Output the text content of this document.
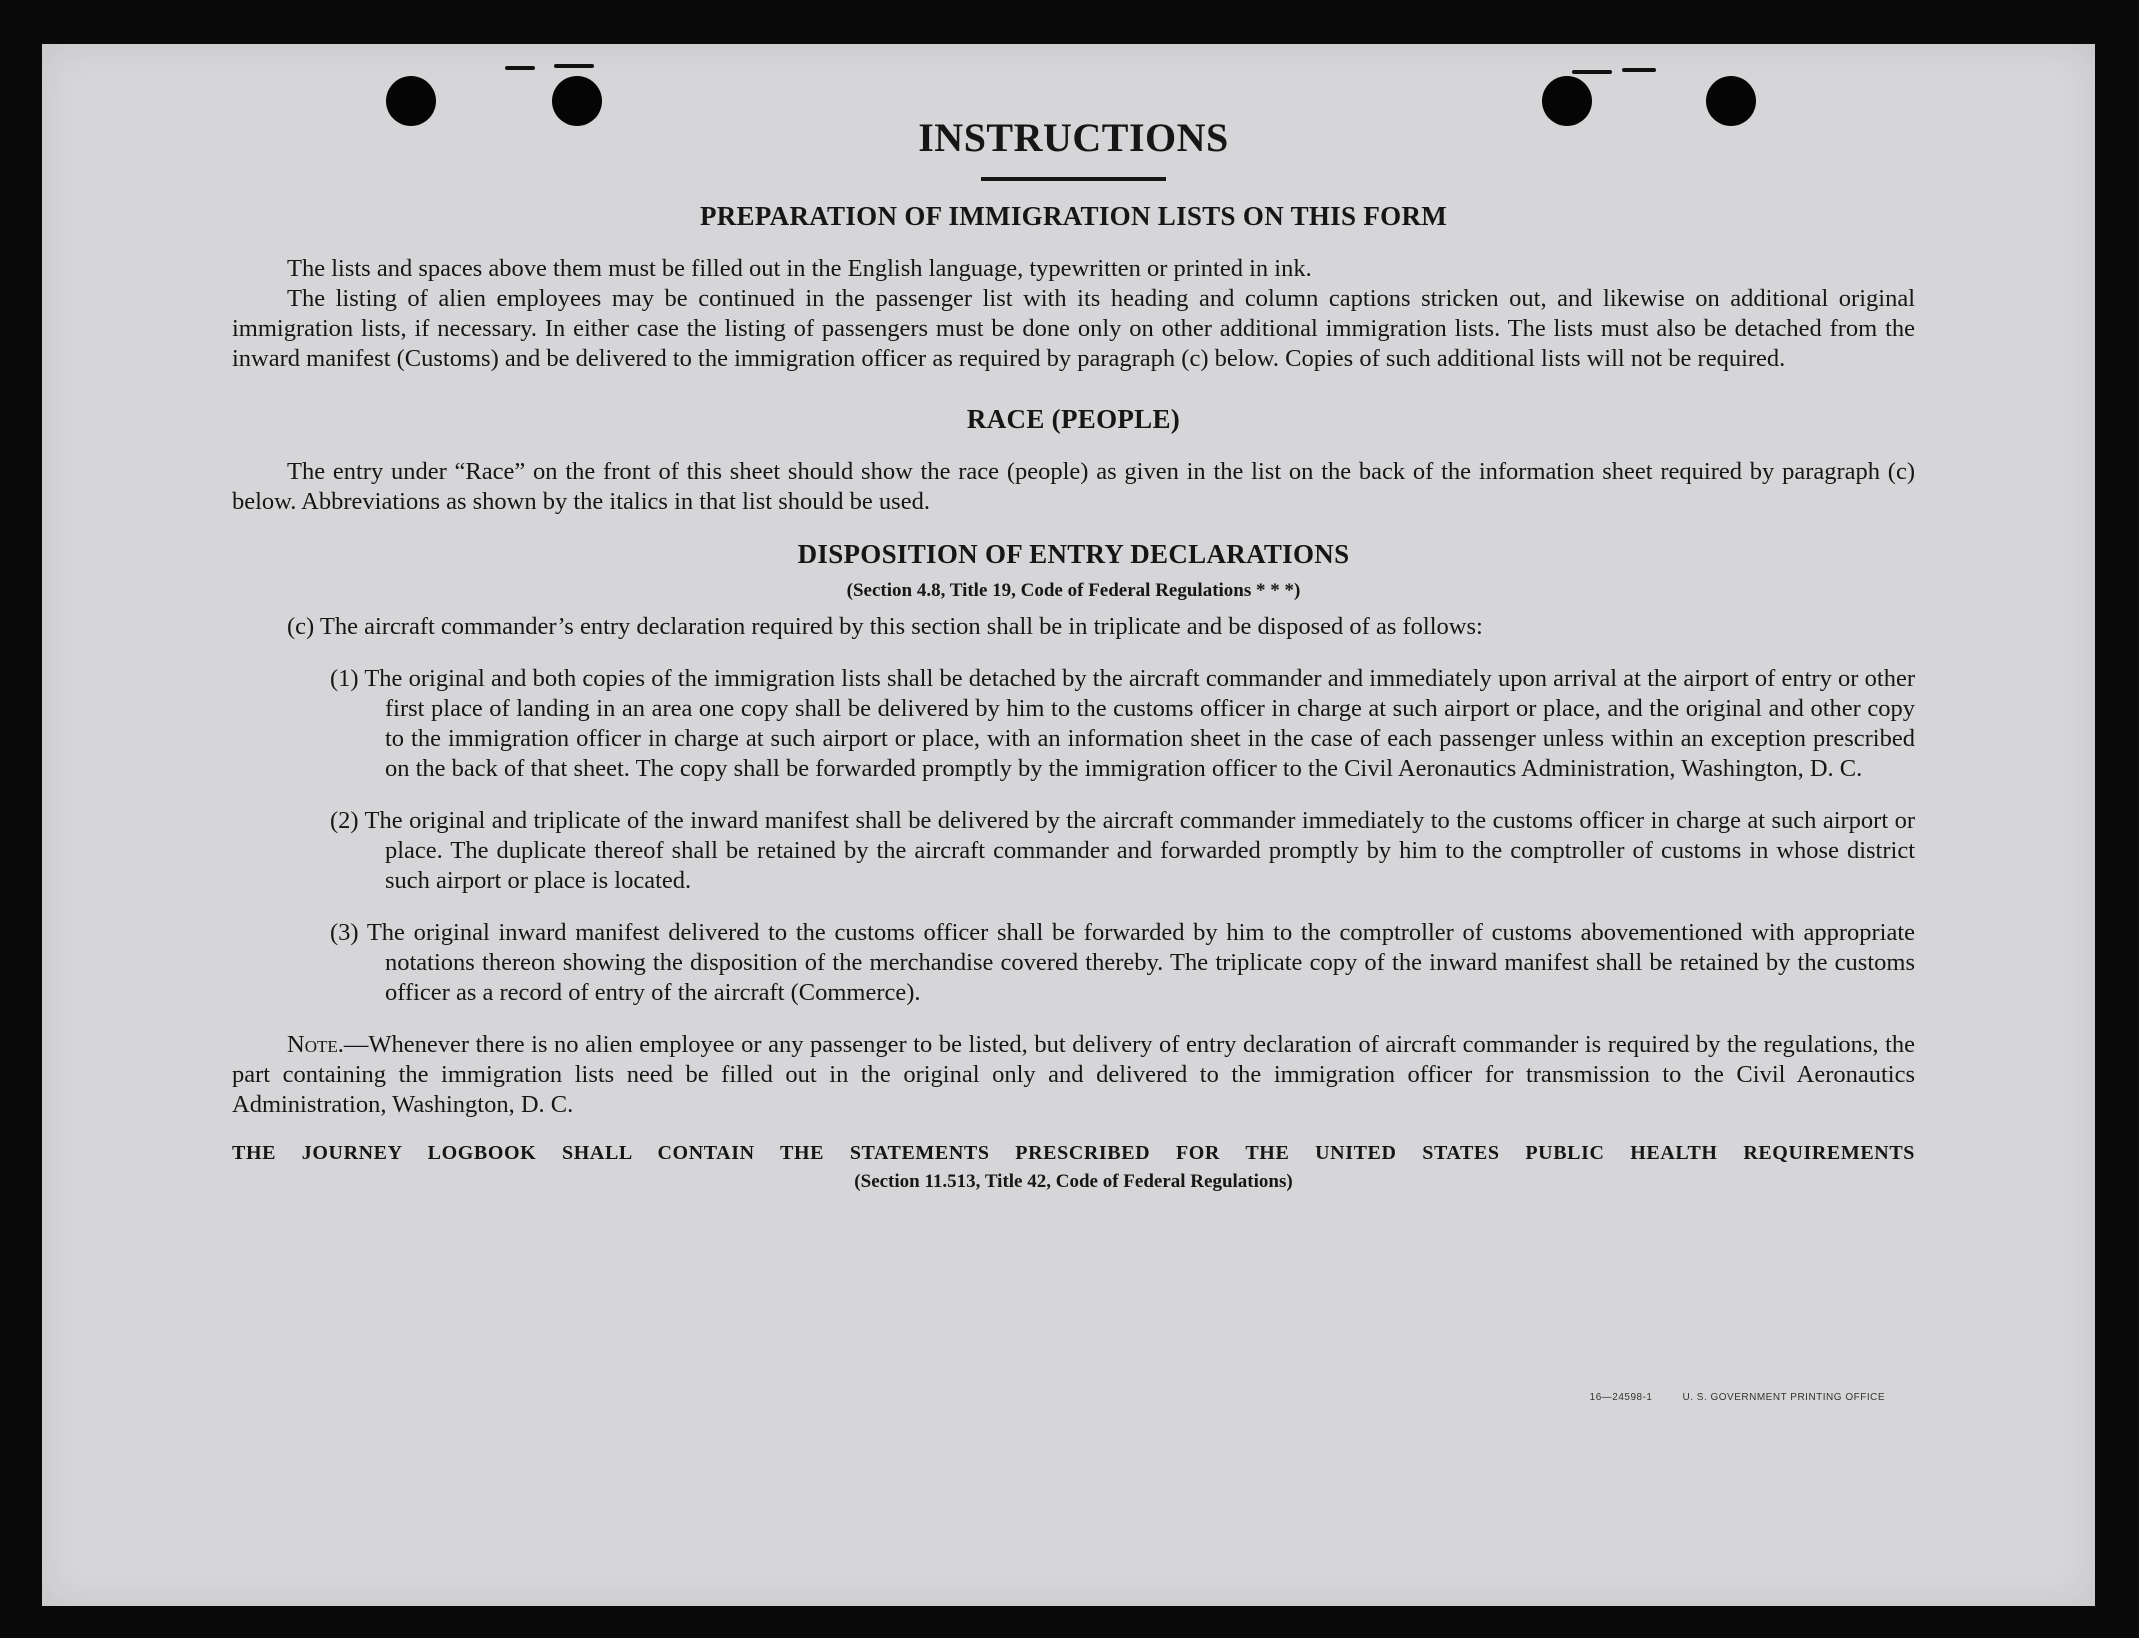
INSTRUCTIONS
PREPARATION OF IMMIGRATION LISTS ON THIS FORM

The lists and spaces above them must be filled out in the English language, typewritten or printed in ink.

The listing of alien employees may be continued in the passenger list with its heading and column captions stricken out, and likewise on additional original immigration lists, if necessary. In either case the listing of passengers must be done only on other additional immigration lists. The lists must also be detached from the inward manifest (Customs) and be delivered to the immigration officer as required by paragraph (c) below. Copies of such additional lists will not be required.

RACE (PEOPLE)

The entry under “Race” on the front of this sheet should show the race (people) as given in the list on the back of the information sheet required by paragraph (c) below. Abbreviations as shown by the italics in that list should be used.

DISPOSITION OF ENTRY DECLARATIONS
(Section 4.8, Title 19, Code of Federal Regulations * * *)
(c) The aircraft commander’s entry declaration required by this section shall be in triplicate and be disposed of as follows:
(1) The original and both copies of the immigration lists shall be detached by the aircraft commander and immediately upon arrival at the airport of entry or other first place of landing in an area one copy shall be delivered by him to the customs officer in charge at such airport or place, and the original and other copy to the immigration officer in charge at such airport or place, with an information sheet in the case of each passenger unless within an exception prescribed on the back of that sheet. The copy shall be forwarded promptly by the immigration officer to the Civil Aeronautics Administration, Washington, D. C.
(2) The original and triplicate of the inward manifest shall be delivered by the aircraft commander immediately to the customs officer in charge at such airport or place. The duplicate thereof shall be retained by the aircraft commander and forwarded promptly by him to the comptroller of customs in whose district such airport or place is located.
(3) The original inward manifest delivered to the customs officer shall be forwarded by him to the comptroller of customs abovementioned with appropriate notations thereon showing the disposition of the merchandise covered thereby. The triplicate copy of the inward manifest shall be retained by the customs officer as a record of entry of the aircraft (Commerce).

Note.—Whenever there is no alien employee or any passenger to be listed, but delivery of entry declaration of aircraft commander is required by the regulations, the part containing the immigration lists need be filled out in the original only and delivered to the immigration officer for transmission to the Civil Aeronautics Administration, Washington, D. C.

THE JOURNEY LOGBOOK SHALL CONTAIN THE STATEMENTS PRESCRIBED FOR THE UNITED STATES PUBLIC HEALTH REQUIREMENTS
(Section 11.513, Title 42, Code of Federal Regulations)
16—24598-1	U. S. GOVERNMENT PRINTING OFFICE
